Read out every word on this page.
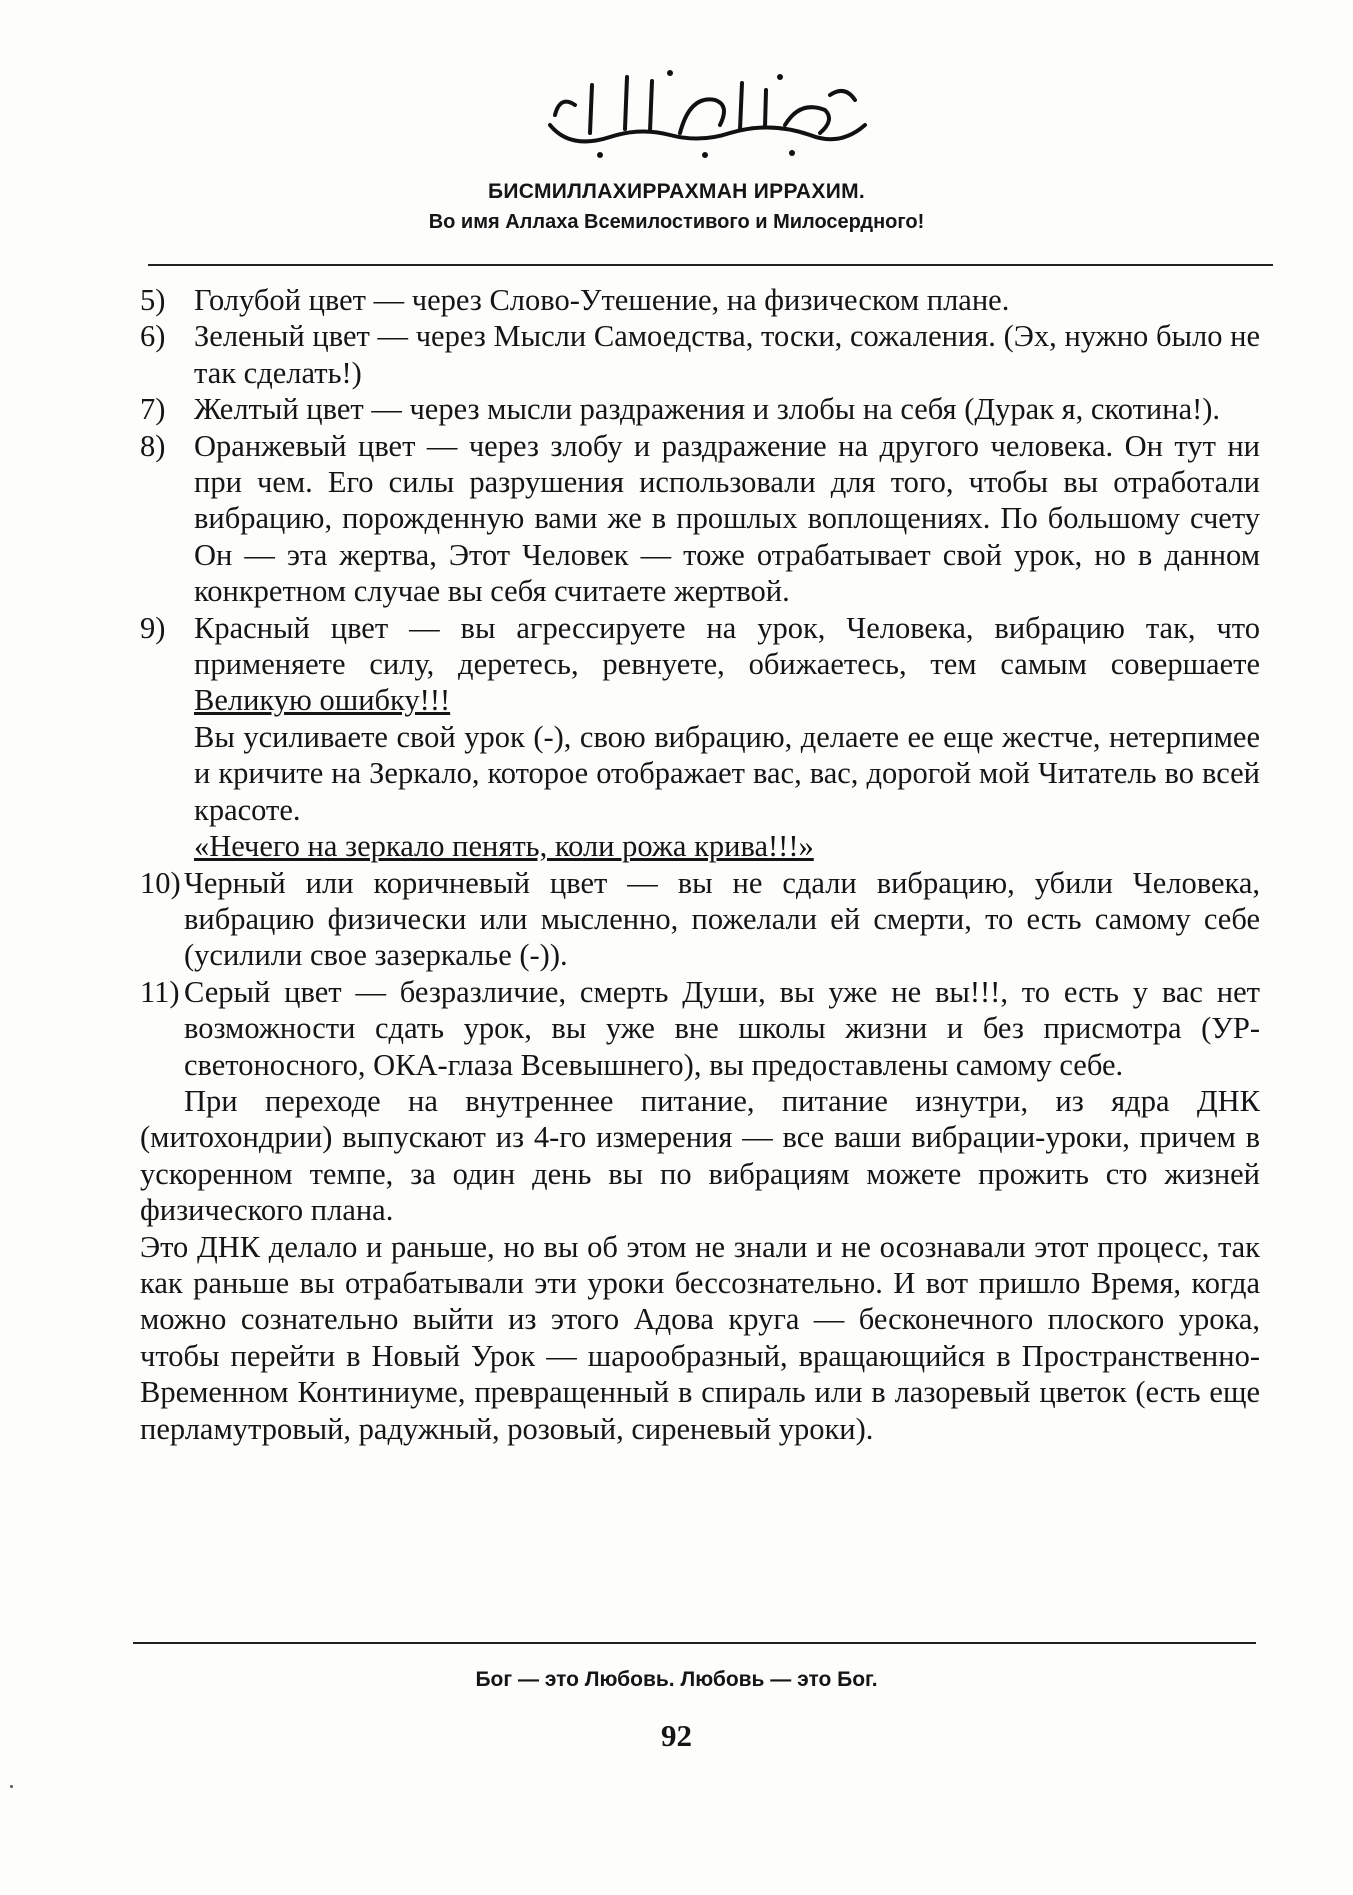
БИСМИЛЛАХИРРАХМАН ИРРАХИМ.
Во имя Аллаха Всемилостивого и Милосердного!
5) Голубой цвет — через Слово-Утешение, на физическом плане.
6) Зеленый цвет — через Мысли Самоедства, тоски, сожаления. (Эх, нужно было не так сделать!)
7) Желтый цвет — через мысли раздражения и злобы на себя (Дурак я, скотина!).
8) Оранжевый цвет — через злобу и раздражение на другого человека. Он тут ни при чем. Его силы разрушения использовали для того, чтобы вы отработали вибрацию, порожденную вами же в прошлых воплощениях. По большому счету Он — эта жертва, Этот Человек — тоже отрабатывает свой урок, но в данном конкретном случае вы себя считаете жертвой.
9) Красный цвет — вы агрессируете на урок, Человека, вибрацию так, что применяете силу, деретесь, ревнуете, обижаетесь, тем самым совершаете Великую ошибку!!!

Вы усиливаете свой урок (-), свою вибрацию, делаете ее еще жестче, нетерпимее и кричите на Зеркало, которое отображает вас, вас, дорогой мой Читатель во всей красоте.

«Нечего на зеркало пенять, коли рожа крива!!!»

10) Черный или коричневый цвет — вы не сдали вибрацию, убили Человека, вибрацию физически или мысленно, пожелали ей смерти, то есть самому себе (усилили свое зазеркалье (-)).
11) Серый цвет — безразличие, смерть Души, вы уже не вы!!!, то есть у вас нет возможности сдать урок, вы уже вне школы жизни и без присмотра (УР-светоносного, ОКА-глаза Всевышнего), вы предоставлены самому себе.

При переходе на внутреннее питание, питание изнутри, из ядра ДНК (митохондрии) выпускают из 4-го измерения — все ваши вибрации-уроки, причем в ускоренном темпе, за один день вы по вибрациям можете прожить сто жизней физического плана.

Это ДНК делало и раньше, но вы об этом не знали и не осознавали этот процесс, так как раньше вы отрабатывали эти уроки бессознательно. И вот пришло Время, когда можно сознательно выйти из этого Адова круга — бесконечного плоского урока, чтобы перейти в Новый Урок — шарообразный, вращающийся в Пространственно-Временном Континиуме, превращенный в спираль или в лазоревый цветок (есть еще перламутровый, радужный, розовый, сиреневый уроки).

Бог — это Любовь. Любовь — это Бог.
92
